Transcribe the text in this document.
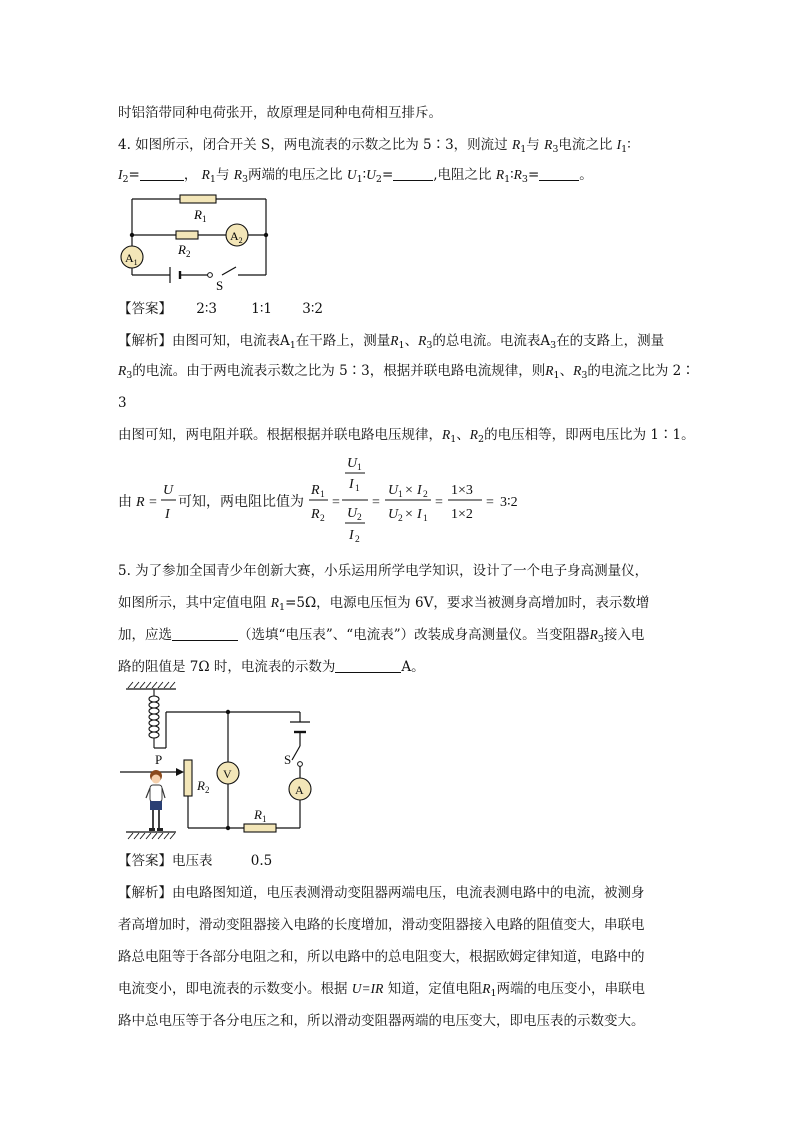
时铝箔带同种电荷张开，故原理是同种电荷相互排斥。
4. 如图所示，闭合开关 S，两电流表的示数之比为 5∶3，则流过 $R_1$与 $R_3$电流之比 $I_1∶$
$I_2=$	， $R_1$与 $R_3$两端的电压之比 $U_1∶U_2=$	,电阻之比 $R_1∶R_3=$	。
$R_1$
$R_2$
$A_1$
$A_2$
S
【答案】 2∶3	1∶1 3∶2
【解析】由图可知，电流表$A_1$在干路上，测量$R_1$、$R_3$的总电流。电流表$A_3$在的支路上，测量
$R_3$的电流。由于两电流表示数之比为 5∶3，根据并联电路电流规律，则$R_1$、$R_3$的电流之比为 2∶
3
由图可知，两电阻并联。根据根据并联电路电压规律，$R_1$、$R_2$的电压相等，即两电压比为 1∶1。
由 R =
U
I
可知，两电阻比值为
R 1
R 2
=
U 1
I 1
U 2
I 2
=
U 1 × I 2
U 2 × I 1
=
1×3
1×2
= 3∶2
5. 为了参加全国青少年创新大赛，小乐运用所学电学知识，设计了一个电子身高测量仪，
如图所示，其中定值电阻 $R_1=5\Omega$，电源电压恒为 6V，要求当被测身高增加时，表示数增
加，应选	（选填“电压表”、“电流表”）改装成身高测量仪。当变阻器$R_3$接入电
路的阻值是 7Ω 时，电流表的示数为	A。
P
$R_2$
V
S
A
$R_1$
【答案】电压表	0.5
【解析】由电路图知道，电压表测滑动变阻器两端电压，电流表测电路中的电流，被测身
者高增加时，滑动变阻器接入电路的长度增加，滑动变阻器接入电路的阻值变大，串联电
路总电阻等于各部分电阻之和，所以电路中的总电阻变大，根据欧姆定律知道，电路中的
电流变小，即电流表的示数变小。根据 U=IR 知道，定值电阻$R_1$两端的电压变小，串联电
路中总电压等于各分电压之和，所以滑动变阻器两端的电压变大，即电压表的示数变大。
